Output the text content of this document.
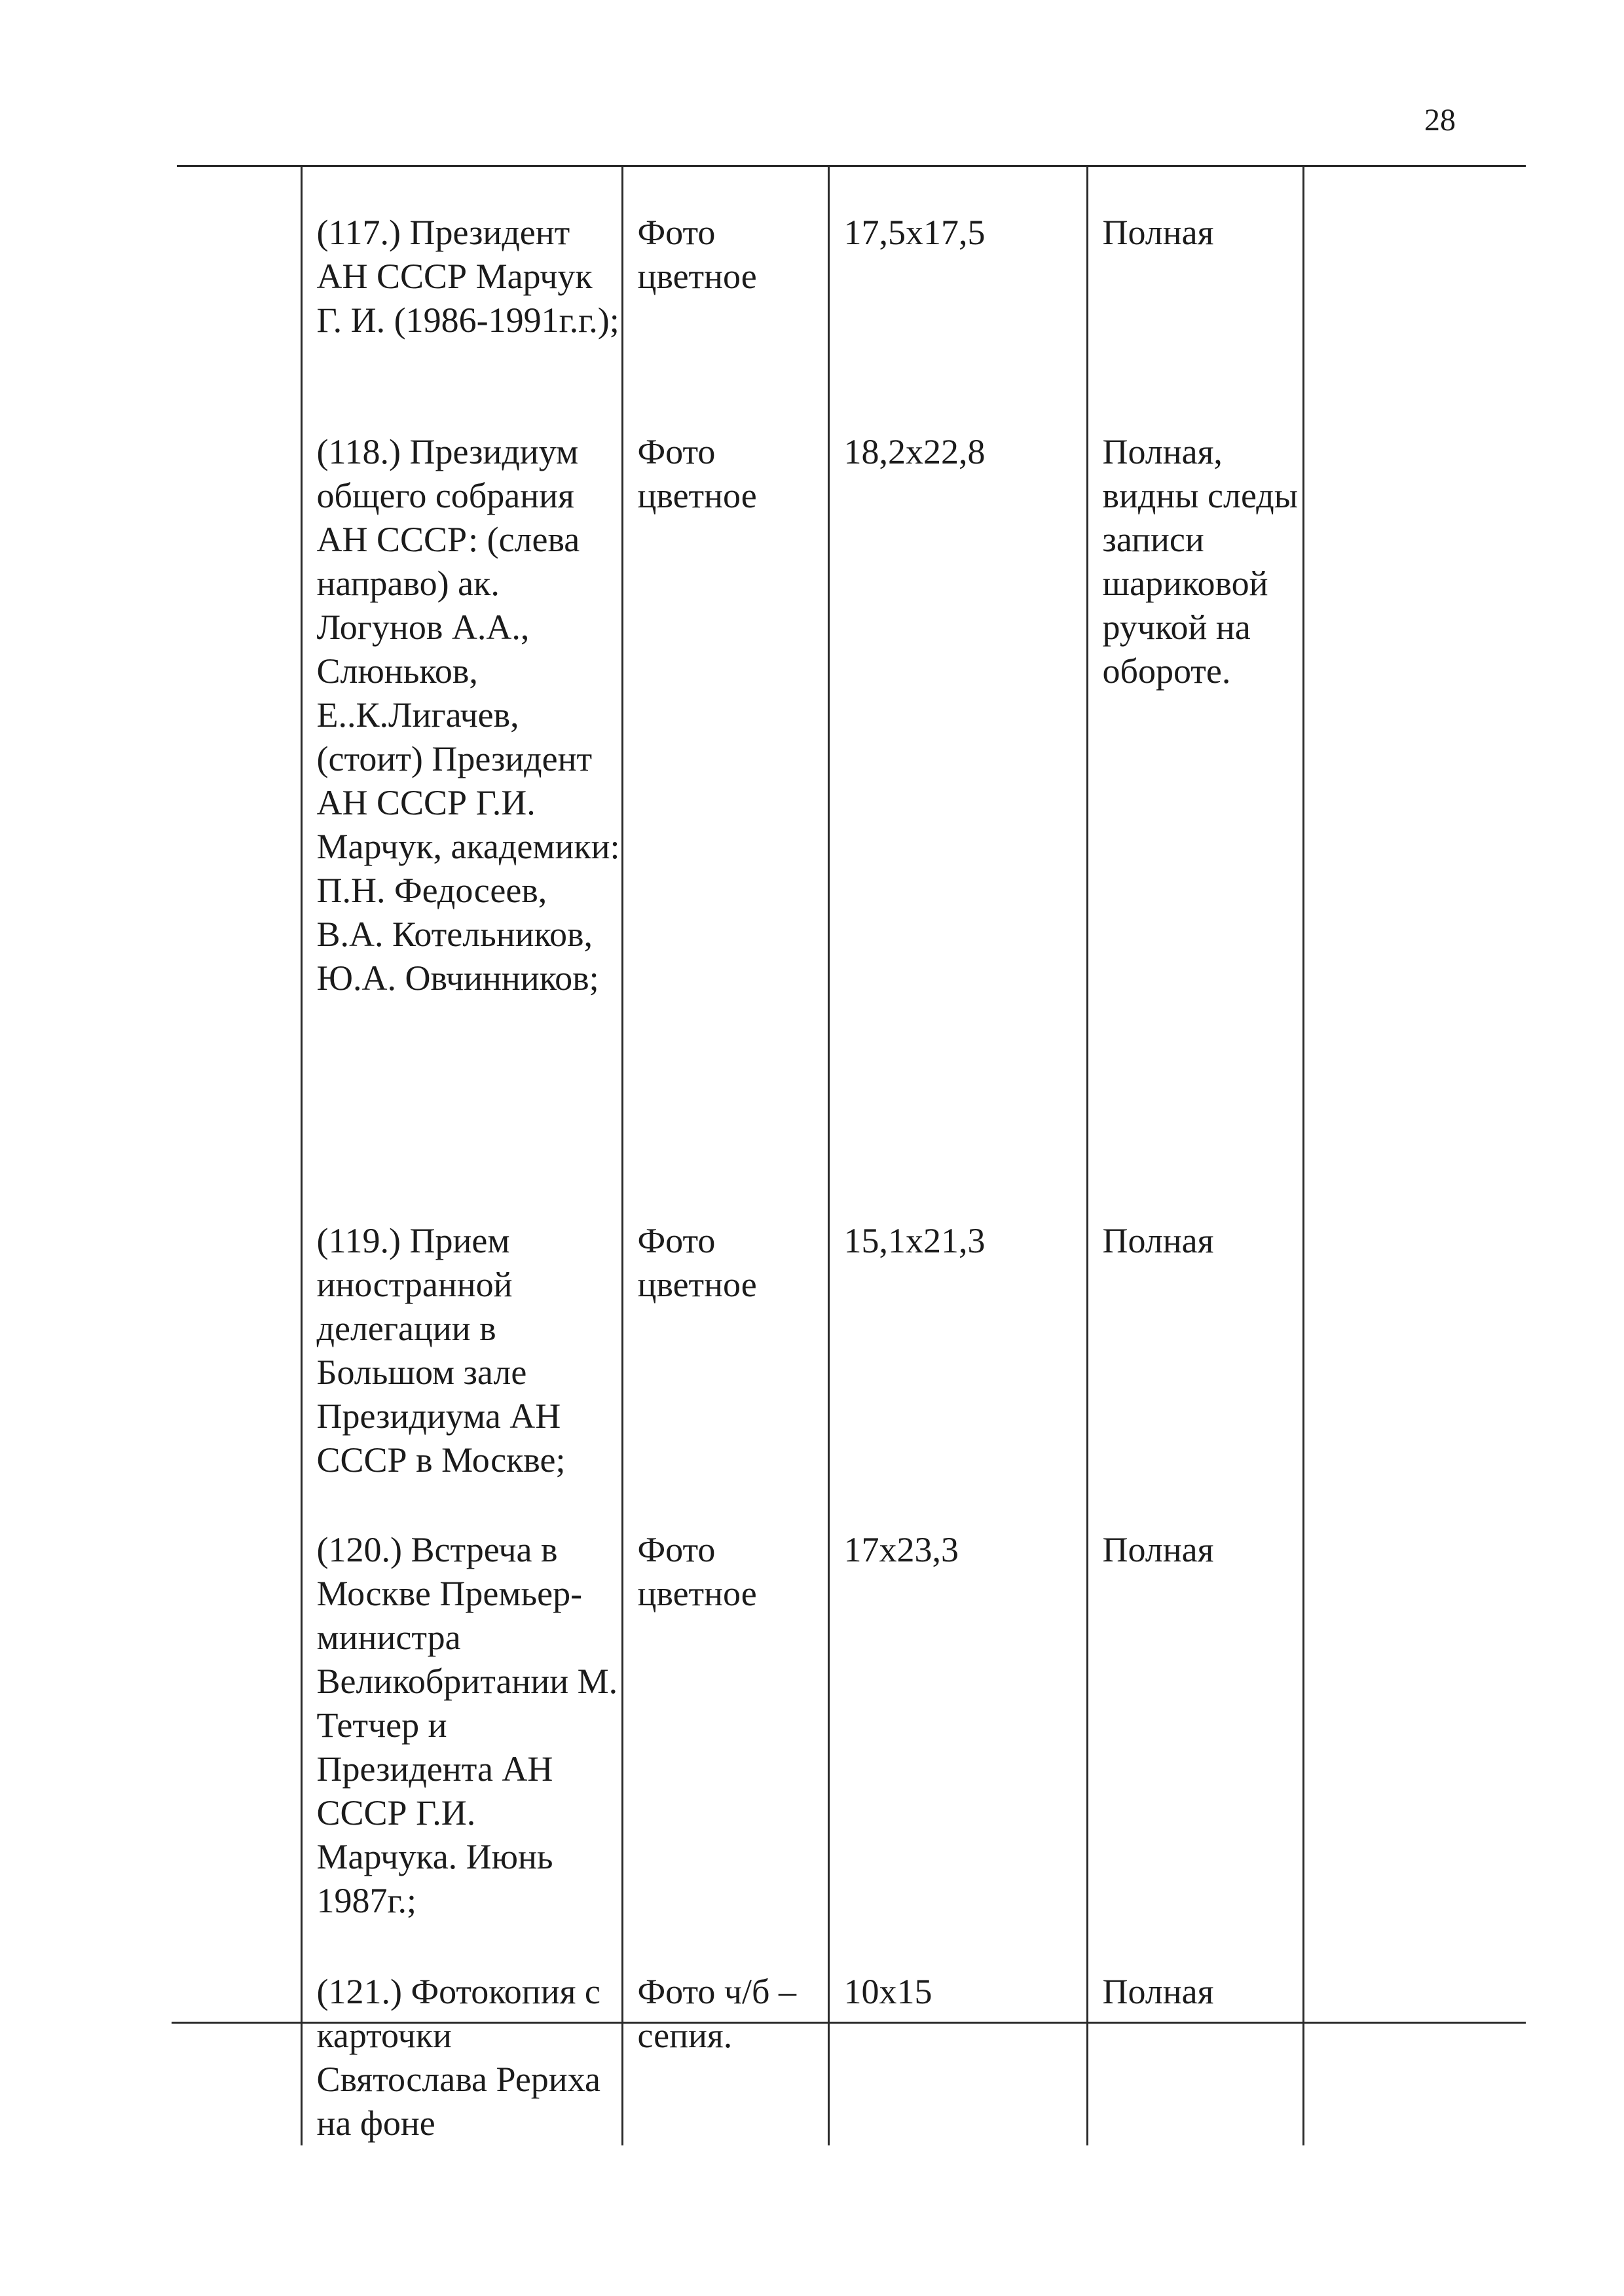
28

	(117.) Президент АН СССР Марчук Г. И. (1986-1991г.г.);	Фото цветное	17,5x17,5	Полная	

	(118.) Президиум общего собрания АН СССР: (слева направо) ак. Логунов А.А., Слюньков, Е..К.Лигачев, (стоит) Президент АН СССР Г.И. Марчук, академики: П.Н. Федосеев, В.А. Котельников, Ю.А. Овчинников;	Фото цветное	18,2x22,8	Полная, видны следы записи шариковой ручкой на обороте.	

	(119.) Прием иностранной делегации в Большом зале Президиума АН СССР в Москве;	Фото цветное	15,1x21,3	Полная	

	(120.) Встреча в Москве Премьер-министра Великобритании М. Тетчер и Президента АН СССР Г.И. Марчука. Июнь 1987г.;	Фото цветное	17x23,3	Полная	

	(121.) Фотокопия с карточки Святослава Рериха на фоне	Фото ч/б – сепия.	10x15	Полная	
